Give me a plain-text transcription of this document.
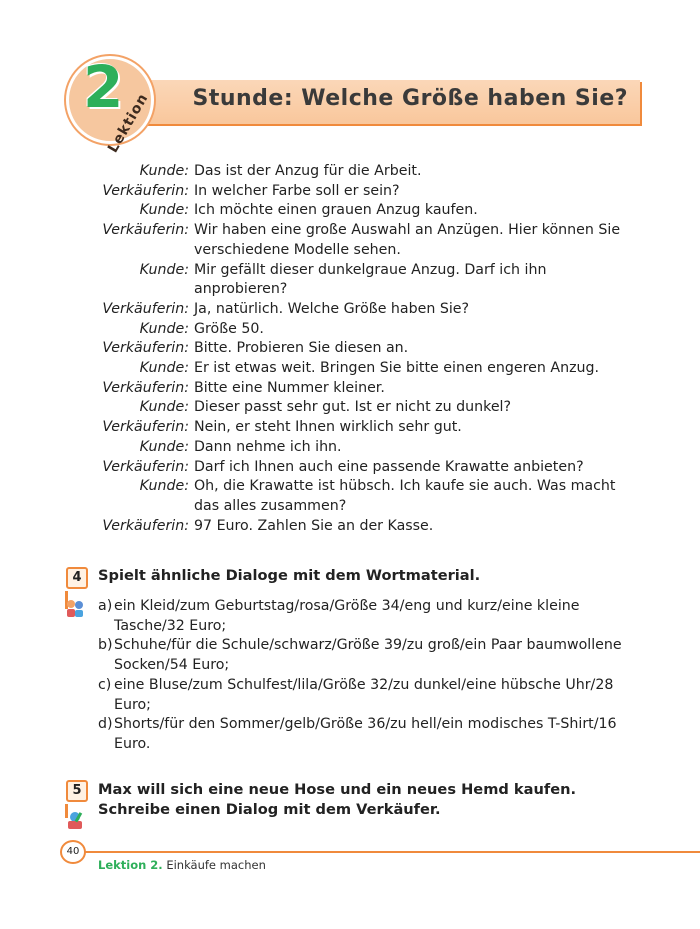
2
Lektion Stunde: Welche Größe haben Sie?
Kunde: Das ist der Anzug für die Arbeit.
Verkäuferin: In welcher Farbe soll er sein?
Kunde: Ich möchte einen grauen Anzug kaufen.
Verkäuferin: Wir haben eine große Auswahl an Anzügen. Hier können Sie verschiedene Modelle sehen.
Kunde: Mir gefällt dieser dunkelgraue Anzug. Darf ich ihn anprobieren?
Verkäuferin: Ja, natürlich. Welche Größe haben Sie?
Kunde: Größe 50.
Verkäuferin: Bitte. Probieren Sie diesen an.
Kunde: Er ist etwas weit. Bringen Sie bitte einen engeren Anzug.
Verkäuferin: Bitte eine Nummer kleiner.
Kunde: Dieser passt sehr gut. Ist er nicht zu dunkel?
Verkäuferin: Nein, er steht Ihnen wirklich sehr gut.
Kunde: Dann nehme ich ihn.
Verkäuferin: Darf ich Ihnen auch eine passende Krawatte anbieten?
Kunde: Oh, die Krawatte ist hübsch. Ich kaufe sie auch. Was macht das alles zusammen?
Verkäuferin: 97 Euro. Zahlen Sie an der Kasse.
4	Spielt ähnliche Dialoge mit dem Wortmaterial.
a) ein Kleid/zum Geburtstag/rosa/Größe 34/eng und kurz/eine kleine Tasche/32 Euro;
b) Schuhe/für die Schule/schwarz/Größe 39/zu groß/ein Paar baumwollene Socken/54 Euro;
c) eine Bluse/zum Schulfest/lila/Größe 32/zu dunkel/eine hübsche Uhr/28 Euro;
d) Shorts/für den Sommer/gelb/Größe 36/zu hell/ein modisches T-Shirt/16 Euro.
5	Max will sich eine neue Hose und ein neues Hemd kaufen. Schreibe einen Dialog mit dem Verkäufer.
40
Lektion 2. Einkäufe machen
